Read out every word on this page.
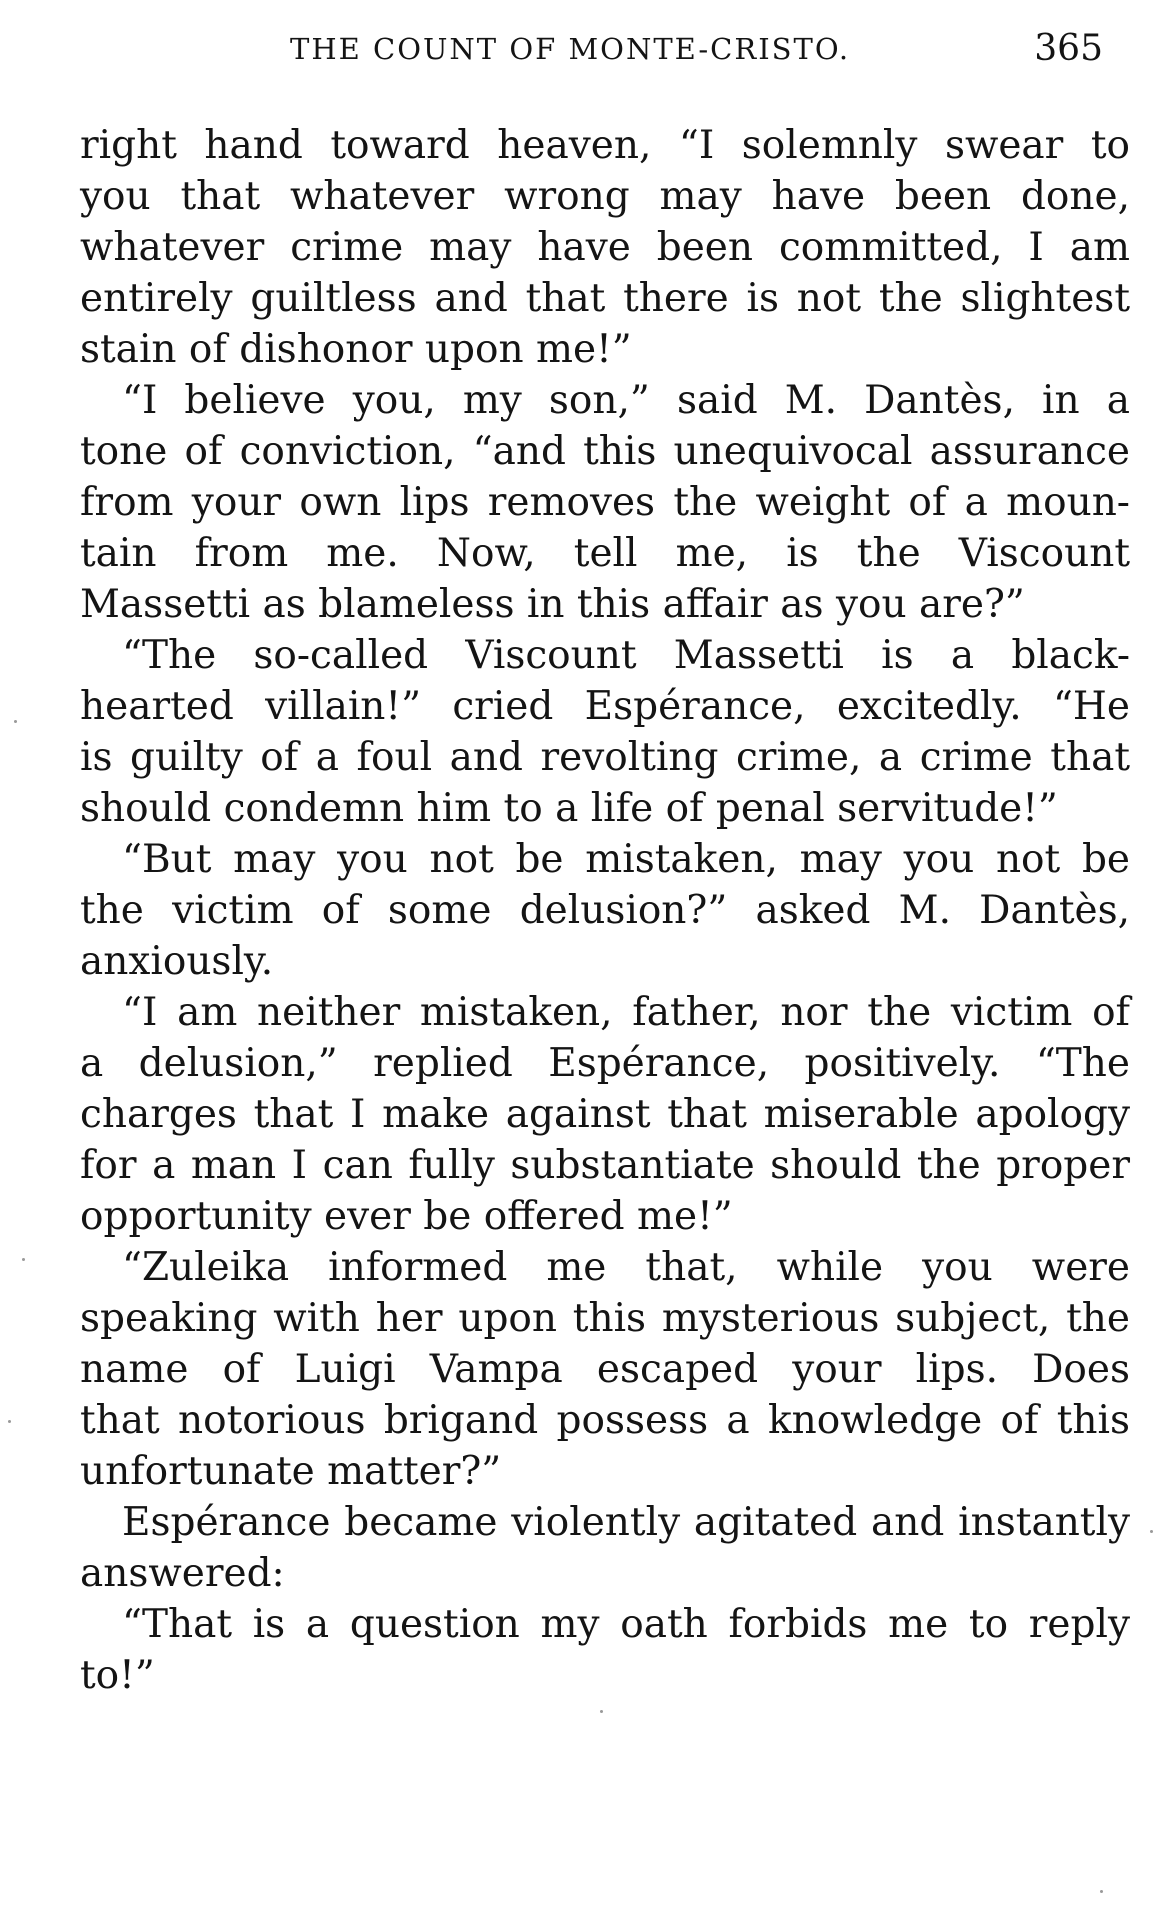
THE COUNT OF MONTE-CRISTO.	365
right hand toward heaven, “I solemnly swear to
you that whatever wrong may have been done,
whatever crime may have been committed, I am
entirely guiltless and that there is not the slightest
stain of dishonor upon me!”
“I believe you, my son,” said M. Dantès, in a
tone of conviction, “and this unequivocal assurance
from your own lips removes the weight of a moun-
tain from me. Now, tell me, is the Viscount
Massetti as blameless in this affair as you are?”
“The so-called Viscount Massetti is a black-
hearted villain!” cried Espérance, excitedly. “He
is guilty of a foul and revolting crime, a crime that
should condemn him to a life of penal servitude!”
“But may you not be mistaken, may you not be
the victim of some delusion?” asked M. Dantès,
anxiously.
“I am neither mistaken, father, nor the victim of
a delusion,” replied Espérance, positively. “The
charges that I make against that miserable apology
for a man I can fully substantiate should the proper
opportunity ever be offered me!”
“Zuleika informed me that, while you were
speaking with her upon this mysterious subject, the
name of Luigi Vampa escaped your lips. Does
that notorious brigand possess a knowledge of this
unfortunate matter?”
Espérance became violently agitated and instantly
answered:
“That is a question my oath forbids me to reply
to!”
